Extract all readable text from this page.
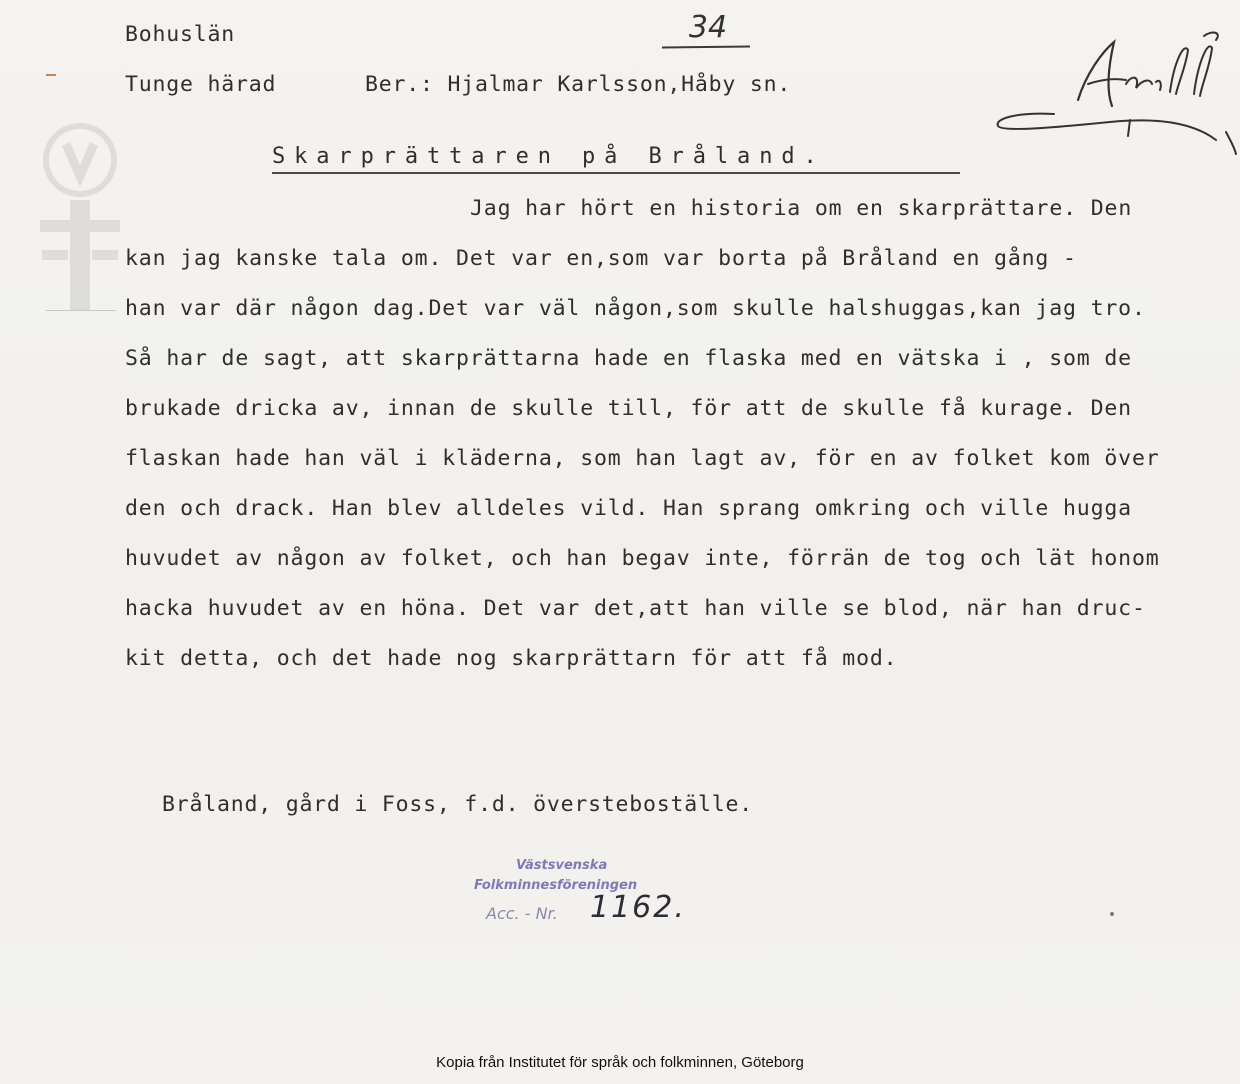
Bohuslän
Tunge härad	Ber.: Hjalmar Karlsson,Håby sn.
34
Skarprättaren på Bråland.
Jag har hört en historia om en skarprättare. Den
kan jag kanske tala om. Det var en,som var borta på Bråland en gång -
han var där någon dag.Det var väl någon,som skulle halshuggas,kan jag tro.
Så har de sagt, att skarprättarna hade en flaska med en vätska i , som de
brukade dricka av, innan de skulle till, för att de skulle få kurage. Den
flaskan hade han väl i kläderna, som han lagt av, för en av folket kom över
den och drack. Han blev alldeles vild. Han sprang omkring och ville hugga
huvudet av någon av folket, och han begav inte, förrän de tog och lät honom
hacka huvudet av en höna. Det var det,att han ville se blod, när han druc-
kit detta, och det hade nog skarprättarn för att få mod.
Bråland, gård i Foss, f.d. överstebоställe.
Västsvenska
Folkminnesföreningen
Acc. - Nr. 1162.
Kopia från Institutet för språk och folkminnen, Göteborg
